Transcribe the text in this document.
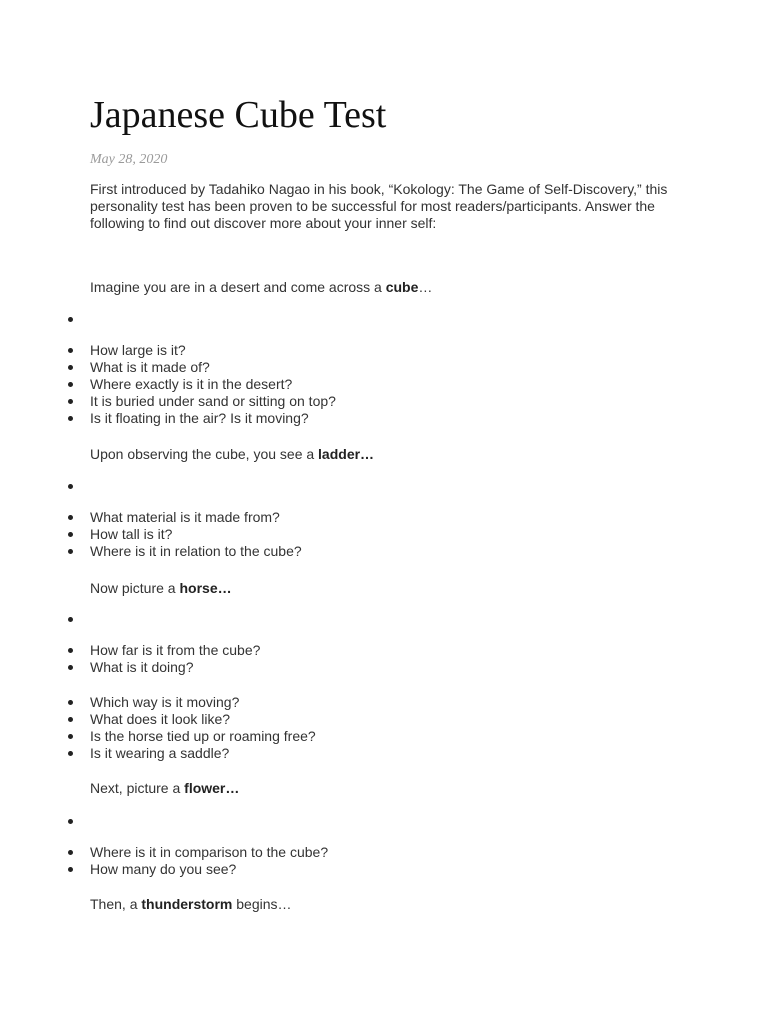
Japanese Cube Test
May 28, 2020

First introduced by Tadahiko Nagao in his book, “Kokology: The Game of Self-Discovery,” this personality test has been proven to be successful for most readers/participants. Answer the following to find out discover more about your inner self:

Imagine you are in a desert and come across a cube…

How large is it?
What is it made of?
Where exactly is it in the desert?
It is buried under sand or sitting on top?
Is it floating in the air? Is it moving?

Upon observing the cube, you see a ladder…

What material is it made from?
How tall is it?
Where is it in relation to the cube?

Now picture a horse…

How far is it from the cube?
What is it doing?
Which way is it moving?
What does it look like?
Is the horse tied up or roaming free?
Is it wearing a saddle?

Next, picture a flower…

Where is it in comparison to the cube?
How many do you see?

Then, a thunderstorm begins…
